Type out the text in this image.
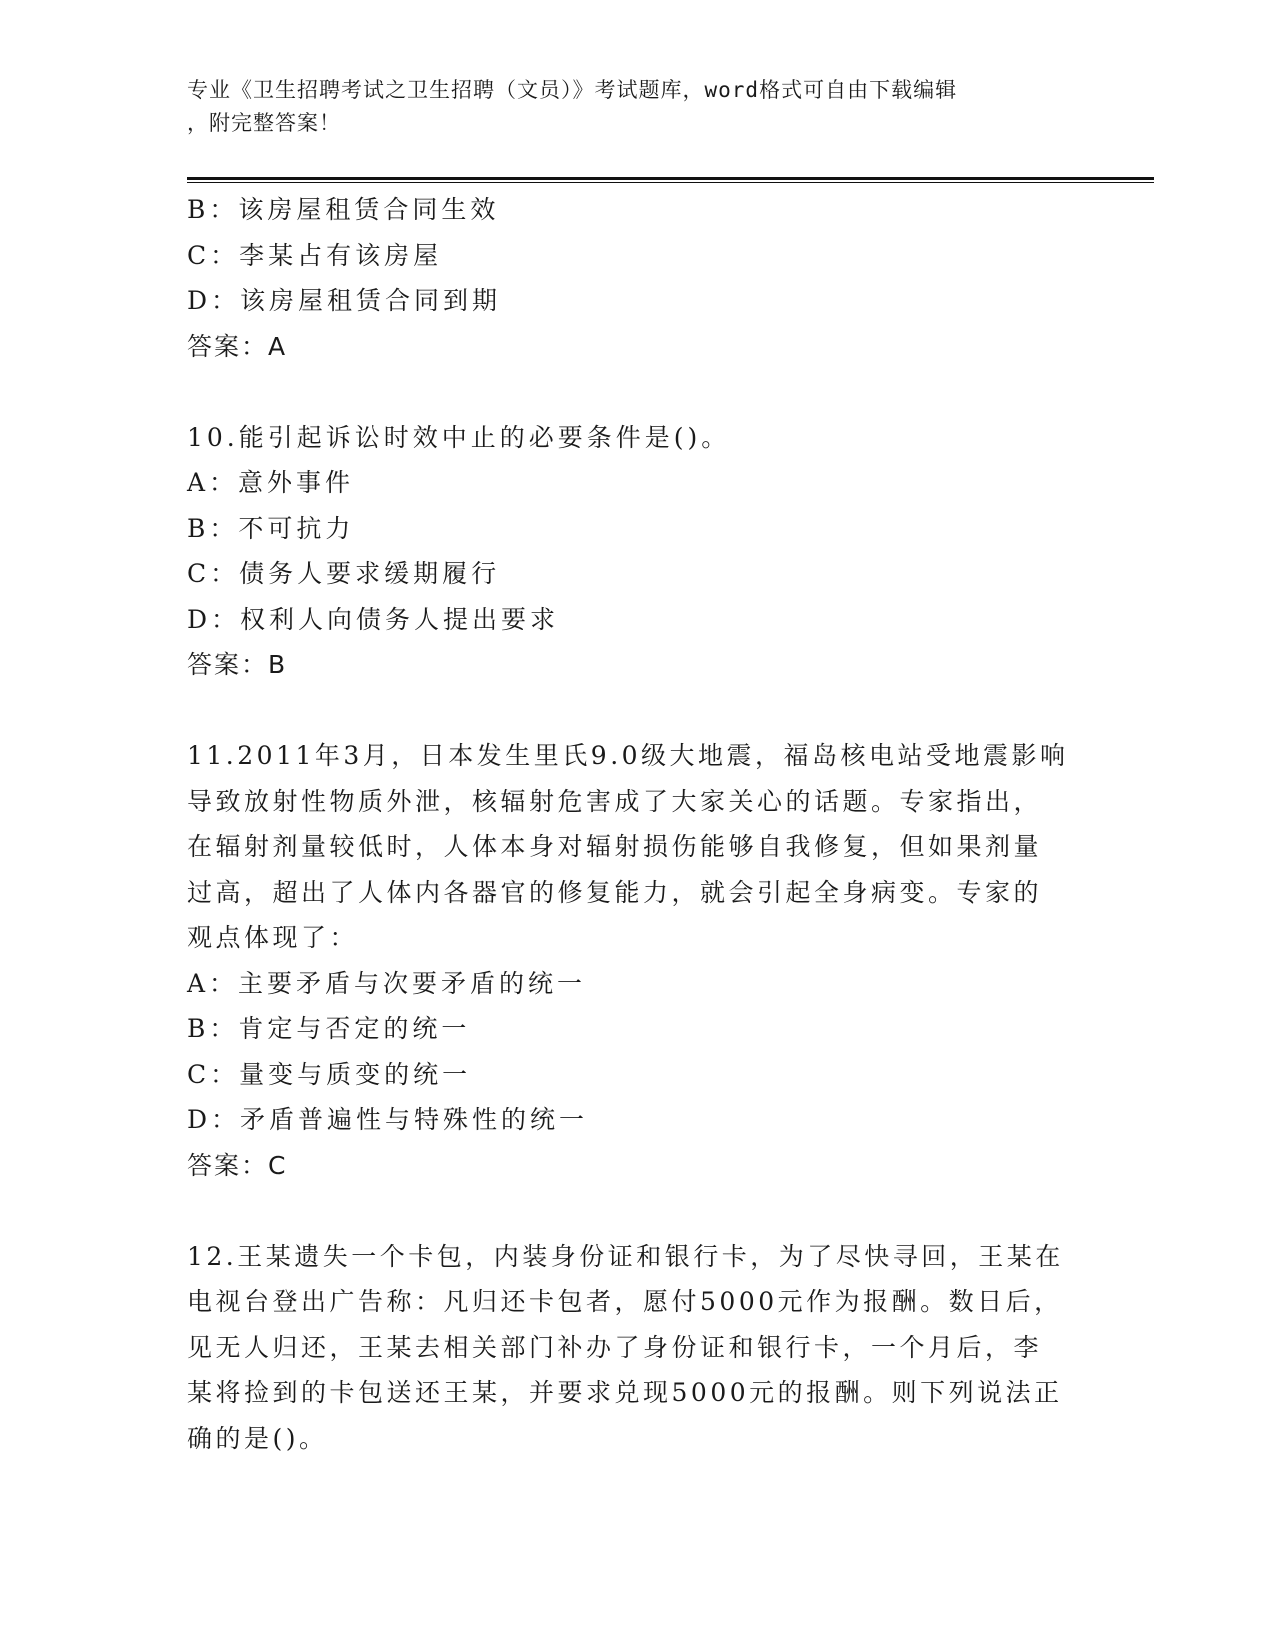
专业《卫生招聘考试之卫生招聘（文员）》考试题库，word格式可自由下载编辑
，附完整答案！
B：该房屋租赁合同生效
C：李某占有该房屋
D：该房屋租赁合同到期
答案：A
10.能引起诉讼时效中止的必要条件是()。
A：意外事件
B：不可抗力
C：债务人要求缓期履行
D：权利人向债务人提出要求
答案：B
11.2011年3月，日本发生里氏9.0级大地震，福岛核电站受地震影响
导致放射性物质外泄，核辐射危害成了大家关心的话题。专家指出，
在辐射剂量较低时，人体本身对辐射损伤能够自我修复，但如果剂量
过高，超出了人体内各器官的修复能力，就会引起全身病变。专家的
观点体现了：
A：主要矛盾与次要矛盾的统一
B：肯定与否定的统一
C：量变与质变的统一
D：矛盾普遍性与特殊性的统一
答案：C
12.王某遗失一个卡包，内装身份证和银行卡，为了尽快寻回，王某在
电视台登出广告称：凡归还卡包者，愿付5000元作为报酬。数日后，
见无人归还，王某去相关部门补办了身份证和银行卡，一个月后，李
某将捡到的卡包送还王某，并要求兑现5000元的报酬。则下列说法正
确的是()。
